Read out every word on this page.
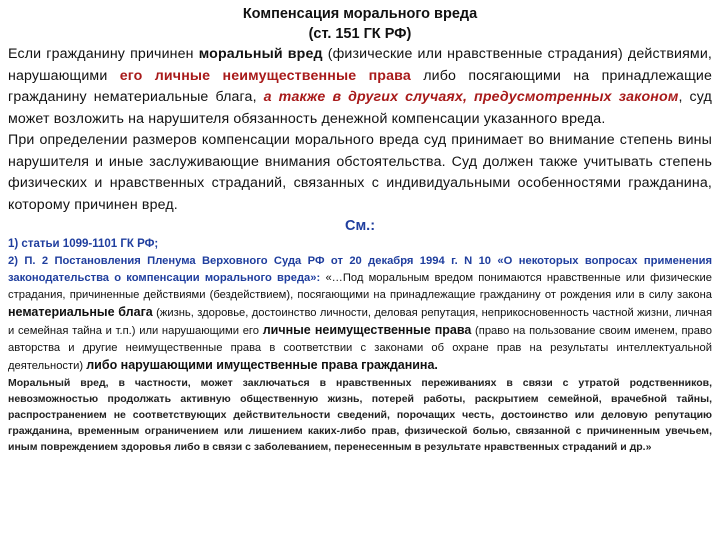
Компенсация морального вреда

(ст. 151 ГК РФ)

Если гражданину причинен моральный вред (физические или нравственные страдания) действиями, нарушающими его личные неимущественные права либо посягающими на принадлежащие гражданину нематериальные блага, а также в других случаях, предусмотренных законом, суд может возложить на нарушителя обязанность денежной компенсации указанного вреда.

При определении размеров компенсации морального вреда суд принимает во внимание степень вины нарушителя и иные заслуживающие внимания обстоятельства. Суд должен также учитывать степень физических и нравственных страданий, связанных с индивидуальными особенностями гражданина, которому причинен вред.

См.:

1) статьи 1099-1101 ГК РФ;

2) П. 2 Постановления Пленума Верховного Суда РФ от 20 декабря 1994 г. N 10 «О некоторых вопросах применения законодательства о компенсации морального вреда»: «…Под моральным вредом понимаются нравственные или физические страдания, причиненные действиями (бездействием), посягающими на принадлежащие гражданину от рождения или в силу закона нематериальные блага (жизнь, здоровье, достоинство личности, деловая репутация, неприкосновенность частной жизни, личная и семейная тайна и т.п.) или нарушающими его личные неимущественные права (право на пользование своим именем, право авторства и другие неимущественные права в соответствии с законами об охране прав на результаты интеллектуальной деятельности) либо нарушающими имущественные права гражданина.

Моральный вред, в частности, может заключаться в нравственных переживаниях в связи с утратой родственников, невозможностью продолжать активную общественную жизнь, потерей работы, раскрытием семейной, врачебной тайны, распространением не соответствующих действительности сведений, порочащих честь, достоинство или деловую репутацию гражданина, временным ограничением или лишением каких-либо прав, физической болью, связанной с причиненным увечьем, иным повреждением здоровья либо в связи с заболеванием, перенесенным в результате нравственных страданий и др.»
